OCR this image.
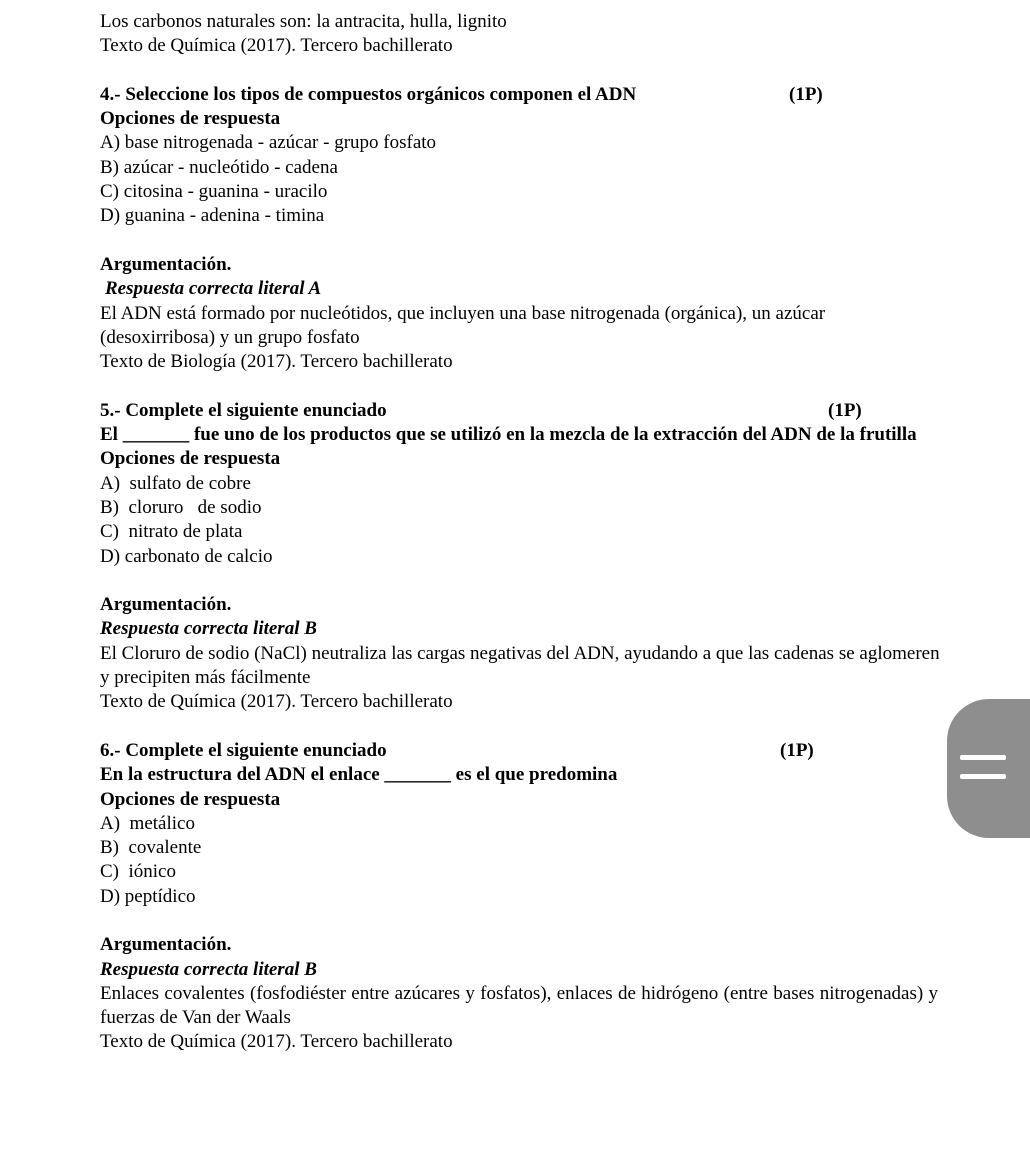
Los carbonos naturales son: la antracita, hulla, lignito
Texto de Química (2017). Tercero bachillerato
4.- Seleccione los tipos de compuestos orgánicos componen el ADN	(1P)
Opciones de respuesta
A) base nitrogenada - azúcar - grupo fosfato
B) azúcar - nucleótido - cadena
C) citosina - guanina - uracilo
D) guanina - adenina - timina
Argumentación.
Respuesta correcta literal A
El ADN está formado por nucleótidos, que incluyen una base nitrogenada (orgánica), un azúcar (desoxirribosa) y un grupo fosfato
Texto de Biología (2017). Tercero bachillerato
5.- Complete el siguiente enunciado	(1P)
El _______ fue uno de los productos que se utilizó en la mezcla de la extracción del ADN de la frutilla
Opciones de respuesta
A)  sulfato de cobre
B)  cloruro   de sodio
C)  nitrato de plata
D) carbonato de calcio
Argumentación.
Respuesta correcta literal B
El Cloruro de sodio (NaCl) neutraliza las cargas negativas del ADN, ayudando a que las cadenas se aglomeren y precipiten más fácilmente
Texto de Química (2017). Tercero bachillerato
6.- Complete el siguiente enunciado	(1P)
En la estructura del ADN el enlace _______ es el que predomina
Opciones de respuesta
A)  metálico
B)  covalente
C)  iónico
D) peptídico
Argumentación.
Respuesta correcta literal B
Enlaces covalentes (fosfodiéster entre azúcares y fosfatos), enlaces de hidrógeno (entre bases nitrogenadas) y fuerzas de Van der Waals
Texto de Química (2017). Tercero bachillerato
